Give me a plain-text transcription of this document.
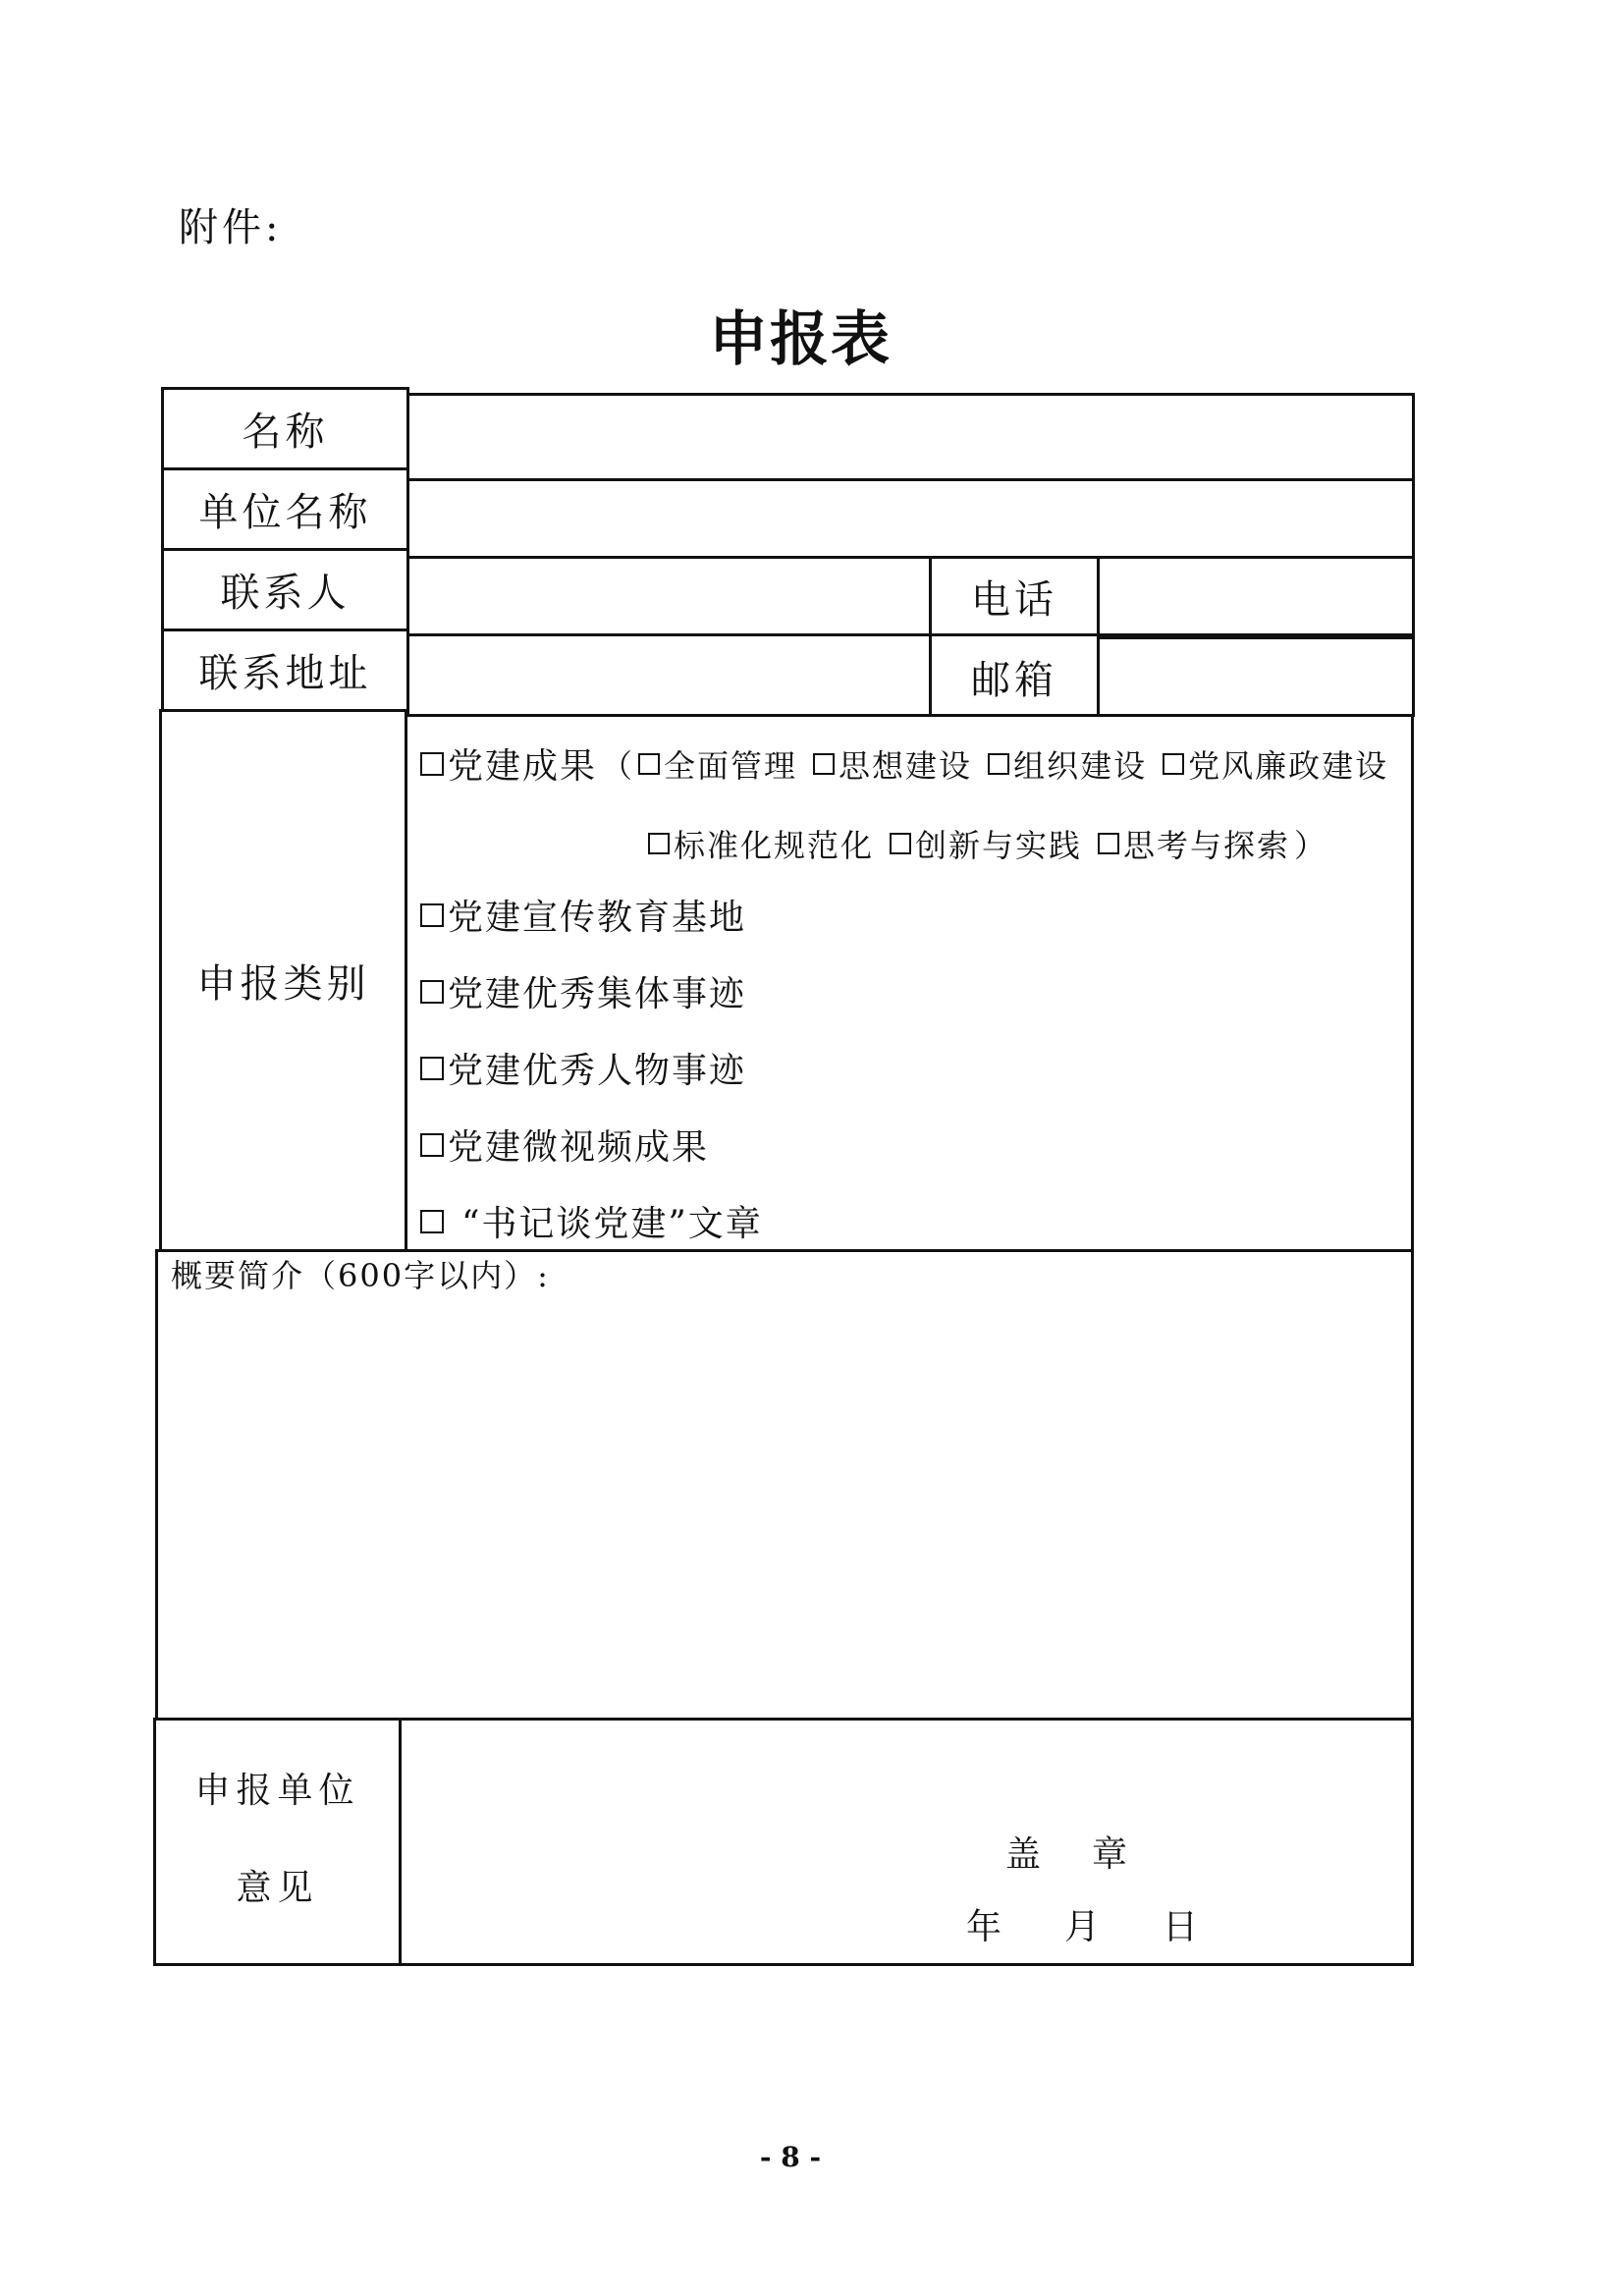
附件:
申报表
名称
单位名称
联系人	电话
联系地址	邮箱
申报类别
党建成果 （ 全面管理 思想建设 组织建设 党风廉政建设
标准化规范化 创新与实践 思考与探索 ）
党建宣传教育基地
党建优秀集体事迹
党建优秀人物事迹
党建微视频成果
“书记谈党建”文章
概要简介（600字以内）:
申报单位
意见
盖　章
年 月 日
- 8 -
